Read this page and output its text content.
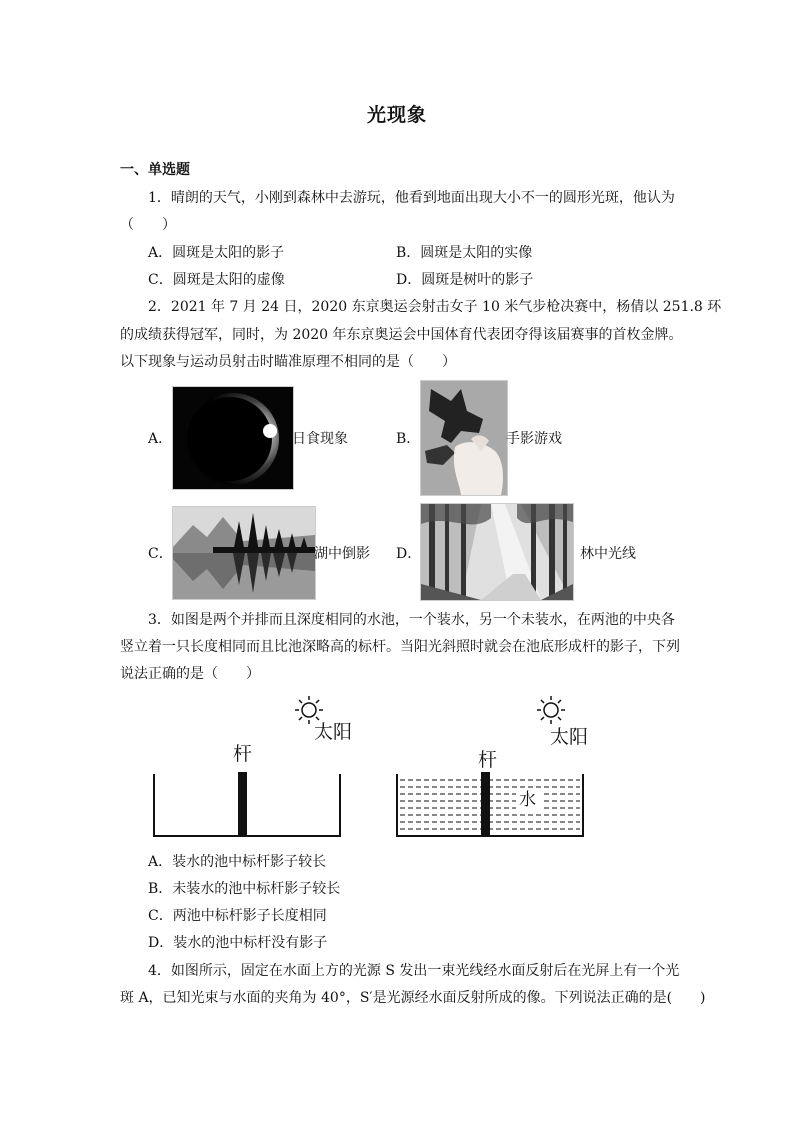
光现象
一、单选题
1．晴朗的天气，小刚到森林中去游玩，他看到地面出现大小不一的圆形光斑，他认为
（　　）
A．圆斑是太阳的影子	B．圆斑是太阳的实像
C．圆斑是太阳的虚像	D．圆斑是树叶的影子
2．2021 年 7 月 24 日，2020 东京奥运会射击女子 10 米气步枪决赛中，杨倩以 251.8 环
的成绩获得冠军，同时，为 2020 年东京奥运会中国体育代表团夺得该届赛事的首枚金牌。
以下现象与运动员射击时瞄准原理不相同的是（　　）
A．	日食现象	B．	手影游戏
C．	湖中倒影 D．	林中光线
3．如图是两个并排而且深度相同的水池，一个装水，另一个未装水，在两池的中央各
竖立着一只长度相同而且比池深略高的标杆。当阳光斜照时就会在池底形成杆的影子，下列
说法正确的是（　　）
太阳
杆
太阳
杆
水
A．装水的池中标杆影子较长
B．未装水的池中标杆影子较长
C．两池中标杆影子长度相同
D．装水的池中标杆没有影子
4．如图所示，固定在水面上方的光源 S 发出一束光线经水面反射后在光屏上有一个光
斑 A，已知光束与水面的夹角为 40°，S′是光源经水面反射所成的像。下列说法正确的是(　　)
